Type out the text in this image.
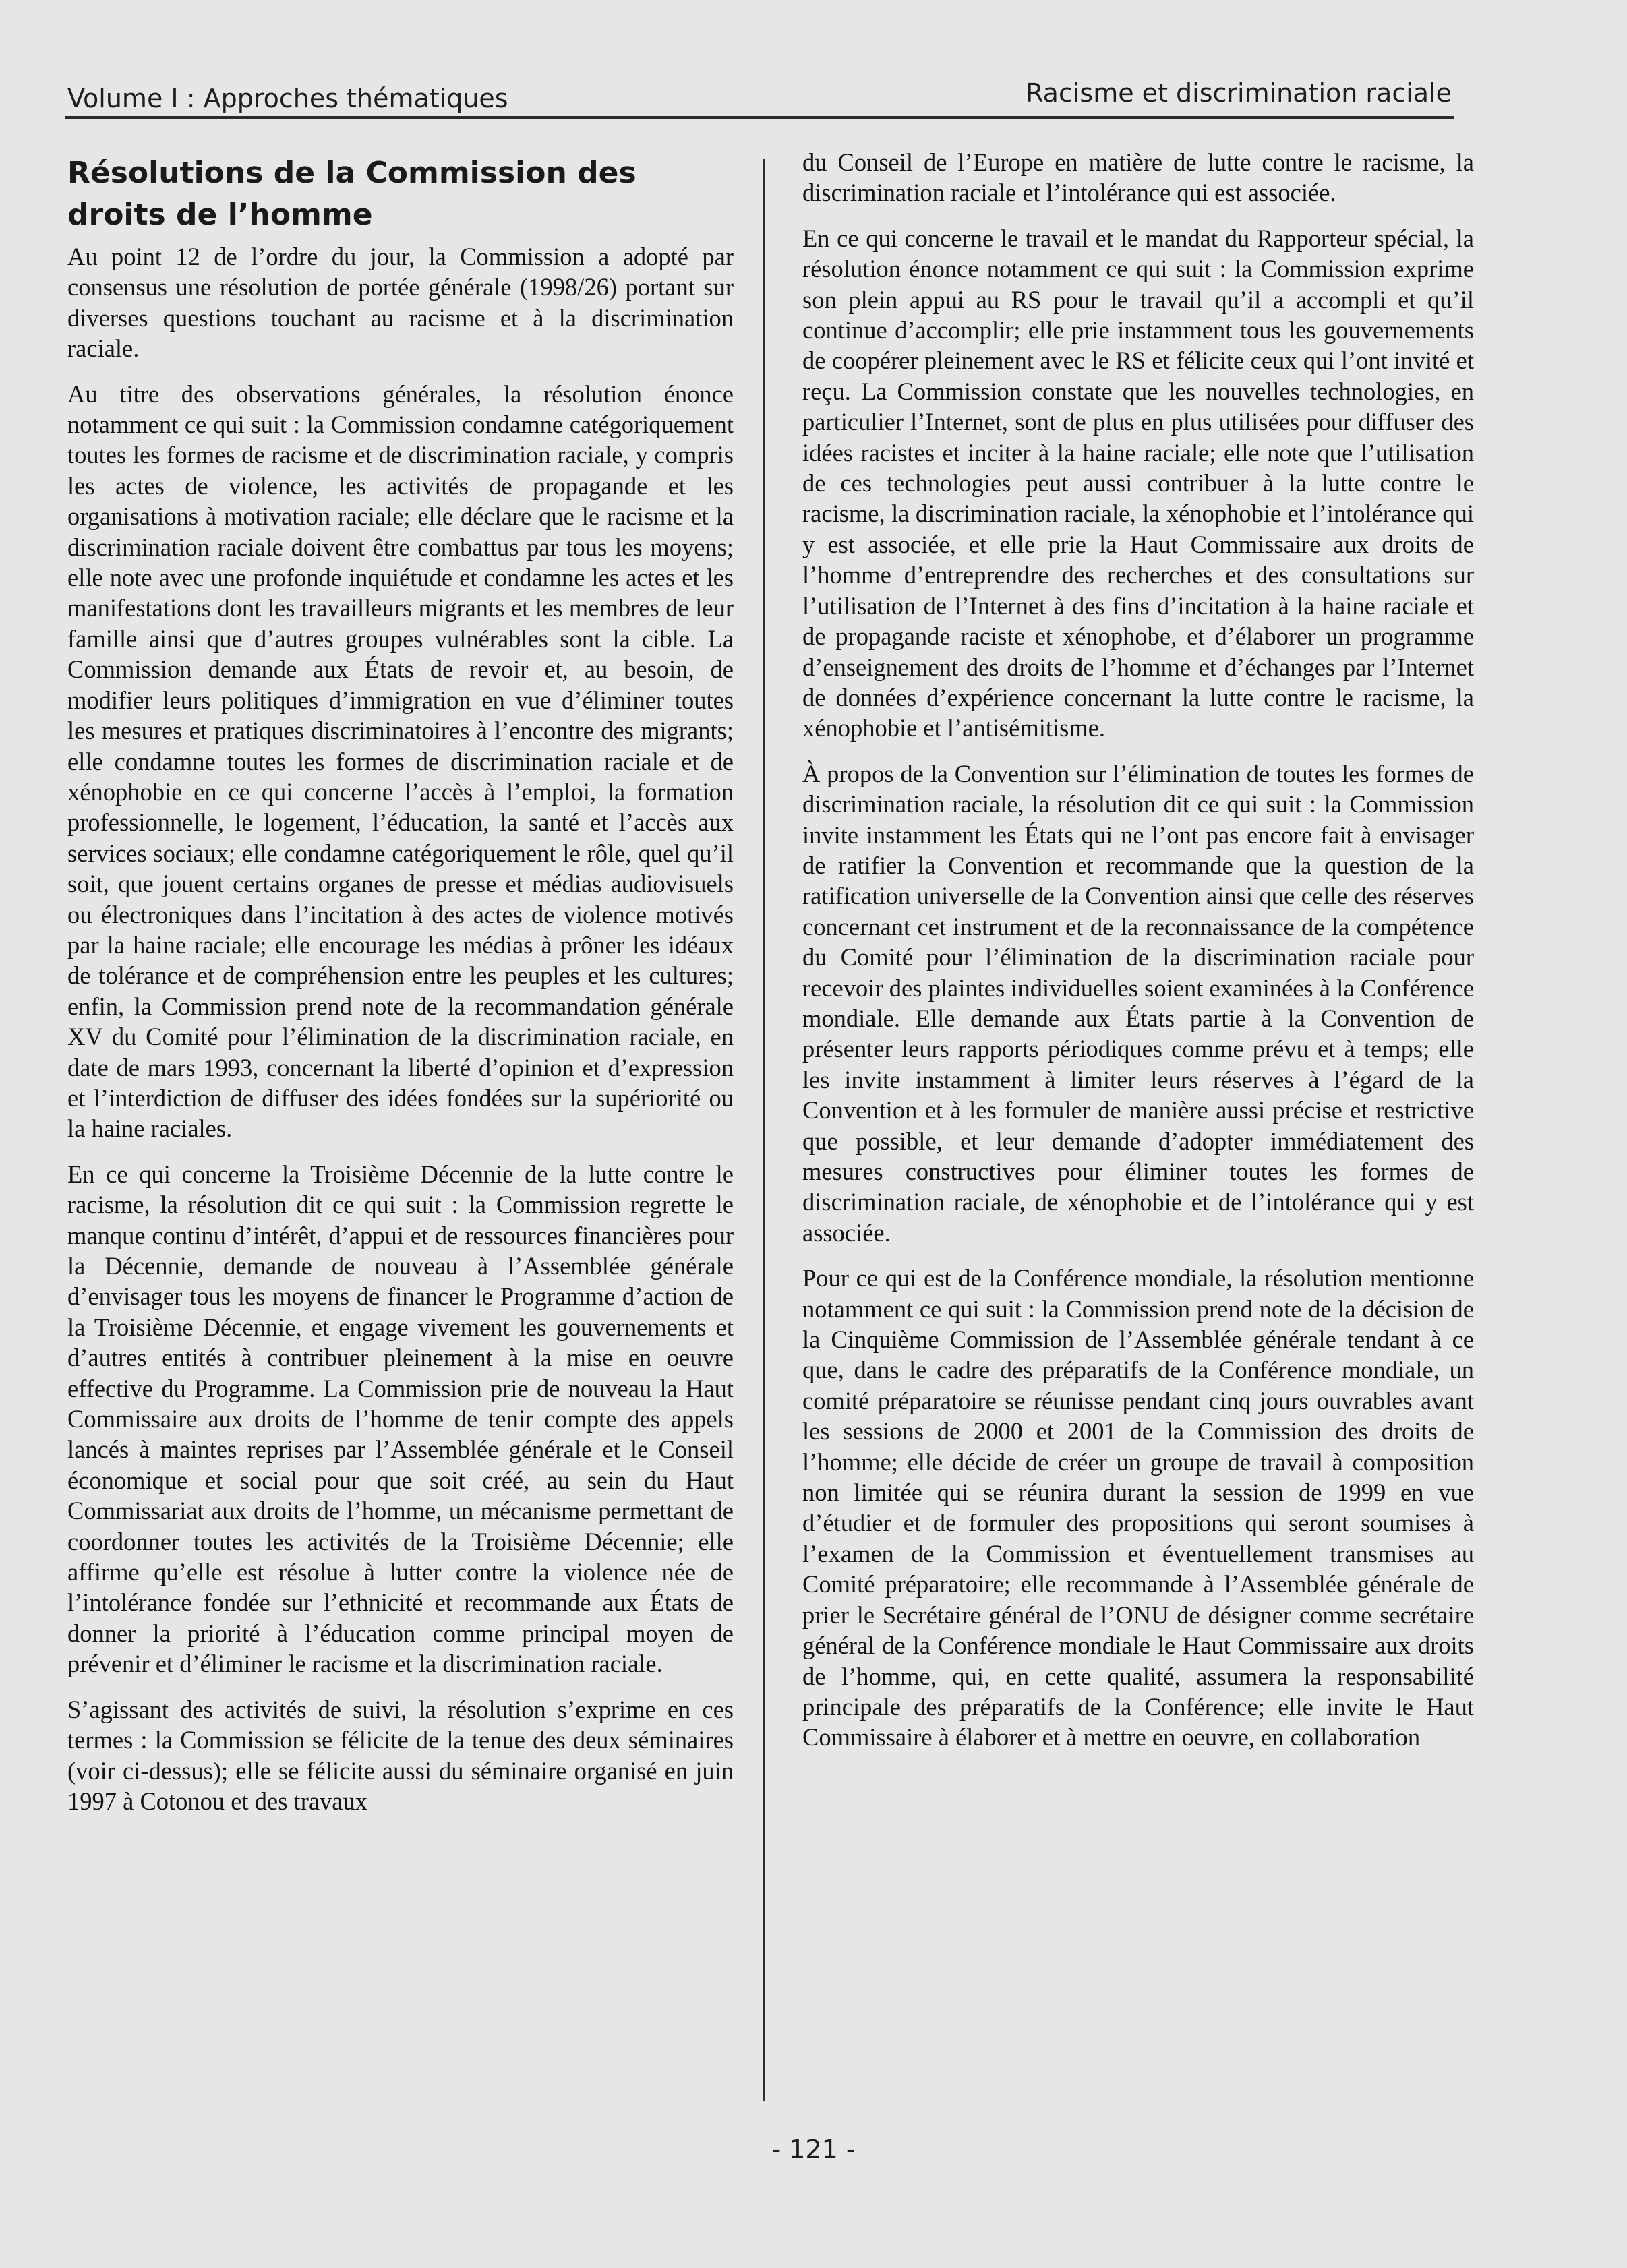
Volume I : Approches thématiques	Racisme et discrimination raciale
Résolutions de la Commission des droits de l’homme

Au point 12 de l’ordre du jour, la Commission a adopté par consensus une résolution de portée générale (1998/26) portant sur diverses questions touchant au racisme et à la discrimination raciale.

Au titre des observations générales, la résolution énonce notamment ce qui suit : la Commission condamne catégoriquement toutes les formes de racisme et de discrimination raciale, y compris les actes de violence, les activités de propagande et les organisations à motivation raciale; elle déclare que le racisme et la discrimination raciale doivent être combattus par tous les moyens; elle note avec une profonde inquiétude et condamne les actes et les manifestations dont les travailleurs migrants et les membres de leur famille ainsi que d’autres groupes vulnérables sont la cible. La Commission demande aux États de revoir et, au besoin, de modifier leurs politiques d’immigration en vue d’éliminer toutes les mesures et pratiques discriminatoires à l’encontre des migrants; elle condamne toutes les formes de discrimination raciale et de xénophobie en ce qui concerne l’accès à l’emploi, la formation professionnelle, le logement, l’éducation, la santé et l’accès aux services sociaux; elle condamne catégoriquement le rôle, quel qu’il soit, que jouent certains organes de presse et médias audiovisuels ou électroniques dans l’incitation à des actes de violence motivés par la haine raciale; elle encourage les médias à prôner les idéaux de tolérance et de compréhension entre les peuples et les cultures; enfin, la Commission prend note de la recommandation générale XV du Comité pour l’élimination de la discrimination raciale, en date de mars 1993, concernant la liberté d’opinion et d’expression et l’interdiction de diffuser des idées fondées sur la supériorité ou la haine raciales.

En ce qui concerne la Troisième Décennie de la lutte contre le racisme, la résolution dit ce qui suit : la Commission regrette le manque continu d’intérêt, d’appui et de ressources financières pour la Décennie, demande de nouveau à l’Assemblée générale d’envisager tous les moyens de financer le Programme d’action de la Troisième Décennie, et engage vivement les gouvernements et d’autres entités à contribuer pleinement à la mise en oeuvre effective du Programme. La Commission prie de nouveau la Haut Commissaire aux droits de l’homme de tenir compte des appels lancés à maintes reprises par l’Assemblée générale et le Conseil économique et social pour que soit créé, au sein du Haut Commissariat aux droits de l’homme, un mécanisme permettant de coordonner toutes les activités de la Troisième Décennie; elle affirme qu’elle est résolue à lutter contre la violence née de l’intolérance fondée sur l’ethnicité et recommande aux États de donner la priorité à l’éducation comme principal moyen de prévenir et d’éliminer le racisme et la discrimination raciale.

S’agissant des activités de suivi, la résolution s’exprime en ces termes : la Commission se félicite de la tenue des deux séminaires (voir ci-dessus); elle se félicite aussi du séminaire organisé en juin 1997 à Cotonou et des travaux

du Conseil de l’Europe en matière de lutte contre le racisme, la discrimination raciale et l’intolérance qui est associée.

En ce qui concerne le travail et le mandat du Rapporteur spécial, la résolution énonce notamment ce qui suit : la Commission exprime son plein appui au RS pour le travail qu’il a accompli et qu’il continue d’accomplir; elle prie instamment tous les gouvernements de coopérer pleinement avec le RS et félicite ceux qui l’ont invité et reçu. La Commission constate que les nouvelles technologies, en particulier l’Internet, sont de plus en plus utilisées pour diffuser des idées racistes et inciter à la haine raciale; elle note que l’utilisation de ces technologies peut aussi contribuer à la lutte contre le racisme, la discrimination raciale, la xénophobie et l’intolérance qui y est associée, et elle prie la Haut Commissaire aux droits de l’homme d’entreprendre des recherches et des consultations sur l’utilisation de l’Internet à des fins d’incitation à la haine raciale et de propagande raciste et xénophobe, et d’élaborer un programme d’enseignement des droits de l’homme et d’échanges par l’Internet de données d’expérience concernant la lutte contre le racisme, la xénophobie et l’antisémitisme.

À propos de la Convention sur l’élimination de toutes les formes de discrimination raciale, la résolution dit ce qui suit : la Commission invite instamment les États qui ne l’ont pas encore fait à envisager de ratifier la Convention et recommande que la question de la ratification universelle de la Convention ainsi que celle des réserves concernant cet instrument et de la reconnaissance de la compétence du Comité pour l’élimination de la discrimination raciale pour recevoir des plaintes individuelles soient examinées à la Conférence mondiale. Elle demande aux États partie à la Convention de présenter leurs rapports périodiques comme prévu et à temps; elle les invite instamment à limiter leurs réserves à l’égard de la Convention et à les formuler de manière aussi précise et restrictive que possible, et leur demande d’adopter immédiatement des mesures constructives pour éliminer toutes les formes de discrimination raciale, de xénophobie et de l’intolérance qui y est associée.

Pour ce qui est de la Conférence mondiale, la résolution mentionne notamment ce qui suit : la Commission prend note de la décision de la Cinquième Commission de l’Assemblée générale tendant à ce que, dans le cadre des préparatifs de la Conférence mondiale, un comité préparatoire se réunisse pendant cinq jours ouvrables avant les sessions de 2000 et 2001 de la Commission des droits de l’homme; elle décide de créer un groupe de travail à composition non limitée qui se réunira durant la session de 1999 en vue d’étudier et de formuler des propositions qui seront soumises à l’examen de la Commission et éventuellement transmises au Comité préparatoire; elle recommande à l’Assemblée générale de prier le Secrétaire général de l’ONU de désigner comme secrétaire général de la Conférence mondiale le Haut Commissaire aux droits de l’homme, qui, en cette qualité, assumera la responsabilité principale des préparatifs de la Conférence; elle invite le Haut Commissaire à élaborer et à mettre en oeuvre, en collaboration

- 121 -
